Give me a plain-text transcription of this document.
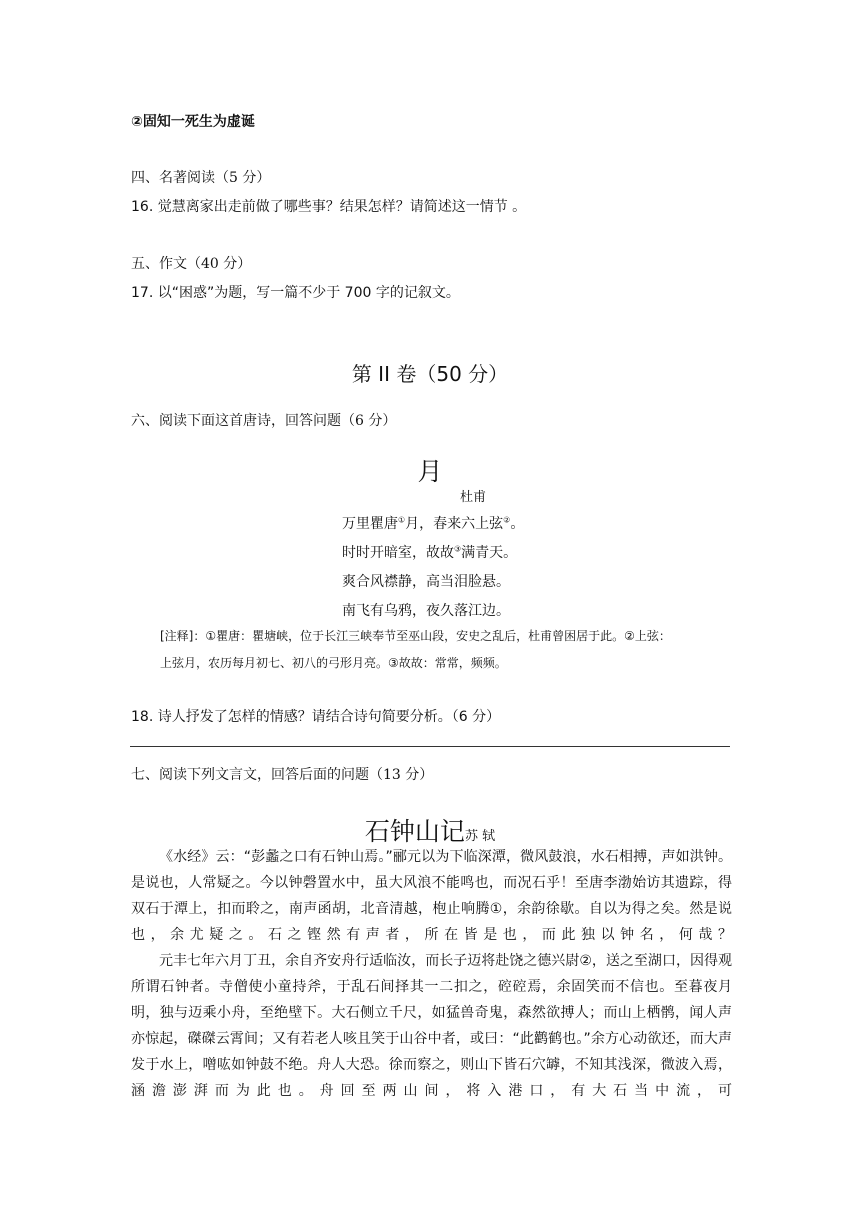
②固知一死生为虚诞
四、名著阅读（5 分）
16. 觉慧离家出走前做了哪些事？结果怎样？请简述这一情节 。
五、作文（40 分）
17. 以“困惑”为题，写一篇不少于 700 字的记叙文。
第 II 卷（50 分）
六、阅读下面这首唐诗，回答问题（6 分）
月
杜甫
万里瞿唐①月，春来六上弦②。
时时开暗室，故故③满青天。
爽合风襟静，高当泪脸悬。
南飞有乌鸦，夜久落江边。
[注释]：①瞿唐：瞿塘峡，位于长江三峡奉节至巫山段，安史之乱后，杜甫曾困居于此。②上弦：
上弦月，农历每月初七、初八的弓形月亮。③故故：常常，频频。
18. 诗人抒发了怎样的情感？请结合诗句简要分析。（6 分）
七、阅读下列文言文，回答后面的问题（13 分）
石钟山记苏 轼

《水经》云：“彭蠡之口有石钟山焉。”郦元以为下临深潭，微风鼓浪，水石相搏，声如洪钟。是说也，人常疑之。今以钟磬置水中，虽大风浪不能鸣也，而况石乎！至唐李渤始访其遗踪，得双石于潭上，扣而聆之，南声函胡，北音清越，枹止响腾①，余韵徐歇。自以为得之矣。然是说也，余尤疑之。石之铿然有声者，所在皆是也，而此独以钟名，何哉？

元丰七年六月丁丑，余自齐安舟行适临汝，而长子迈将赴饶之德兴尉②，送之至湖口，因得观所谓石钟者。寺僧使小童持斧，于乱石间择其一二扣之，硿硿焉，余固笑而不信也。至暮夜月明，独与迈乘小舟，至绝壁下。大石侧立千尺，如猛兽奇鬼，森然欲搏人；而山上栖鹘，闻人声亦惊起，磔磔云霄间；又有若老人咳且笑于山谷中者，或曰：“此鹳鹤也。”余方心动欲还，而大声发于水上，噌吰如钟鼓不绝。舟人大恐。徐而察之，则山下皆石穴罅，不知其浅深，微波入焉，涵澹澎湃而为此也。舟回至两山间，将入港口，有大石当中流，可
